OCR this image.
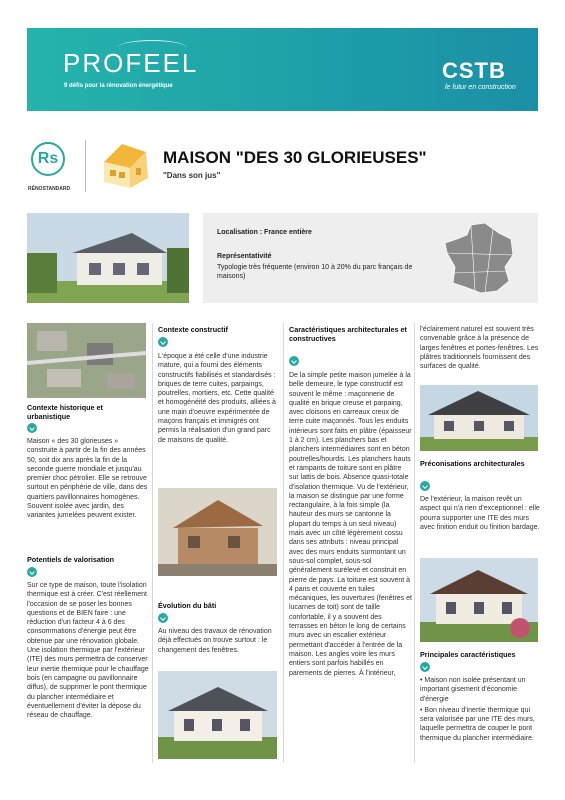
PROFEEL
9 défis pour la rénovation énergétique
CSTB
le futur en construction
Rs
RÉNOSTANDARD
MAISON "DES 30 GLORIEUSES"
"Dans son jus"
Localisation : France entière
Représentativité
Typologie très fréquente (environ 10 à 20% du parc français de maisons)
Contexte historique et urbanistique
Maison « des 30 glorieuses » construite à partir de la fin des années 50, soit dix ans après la fin de la seconde guerre mondiale et jusqu'au premier choc pétrolier. Elle se retrouve surtout en périphérie de ville, dans des quartiers pavillonnaires homogènes. Souvent isolée avec jardin, des variantes jumelées peuvent exister.
Potentiels de valorisation
Sur ce type de maison, toute l'isolation thermique est à créer. C'est réellement l'occasion de se poser les bonnes questions et de BIEN faire : une réduction d'un facteur 4 à 6 des consommations d'énergie peut être obtenue par une rénovation globale. Une isolation thermique par l'extérieur (ITE) des murs permettra de conserver leur inertie thermique pour le chauffage bois (en campagne ou pavillonnaire diffus), de supprimer le pont thermique du plancher intermédiaire et éventuellement d'éviter la dépose du réseau de chauffage.
Contexte constructif
L'époque a été celle d'une industrie mature, qui a fourni des éléments constructifs fiabilisés et standardisés : briques de terre cuites, parpaings, poutrelles, mortiers, etc. Cette qualité et homogénéité des produits, alliées à une main d'oeuvre expérimentée de maçons français et immigrés ont permis la réalisation d'un grand parc de maisons de qualité.
Évolution du bâti
Au niveau des travaux de rénovation déjà effectués on trouve surtout : le changement des fenêtres.
Caractéristiques architecturales et constructives
De la simple petite maison jumelée à la belle demeure, le type constructif est souvent le même : maçonnerie de qualité en brique creuse et parpaing, avec cloisons en carreaux creux de terre cuite maçonnés. Tous les enduits intérieurs sont faits en plâtre (épaisseur 1 à 2 cm). Les planchers bas et planchers intermédiaires sont en béton poutrelles/hourdis. Les planchers hauts et rampants de toiture sont en plâtre sur lattis de bois. Absence quasi-totale d'isolation thermique. Vu de l'extérieur, la maison se distingue par une forme rectangulaire, à la fois simple (la hauteur des murs se cantonne la plupart du temps à un seul niveau) mais avec un côté légèrement cossu dans ses attributs : niveau principal avec des murs enduits surmontant un sous-sol complet, sous-sol généralement surélevé et construit en pierre de pays. La toiture est souvent à 4 pans et couverte en tuiles mécaniques, les ouvertures (fenêtres et lucarnes de toit) sont de taille confortable, il y a souvent des terrasses en béton le long de certains murs avec un escalier extérieur permettant d'accéder à l'entrée de la maison. Les angles voire les murs entiers sont parfois habillés en parements de pierres. À l'intérieur,
l'éclairement naturel est souvent très convenable grâce à la présence de larges fenêtres et portes-fenêtres. Les plâtres traditionnels fournissent des surfaces de qualité.
Préconisations architecturales
De l'extérieur, la maison revêt un aspect qui n'a rien d'exceptionnel : elle pourra supporter une ITE des murs avec finition enduit ou finition bardage.
Principales caractéristiques

• Maison non isolée présentant un important gisement d'économie d'énergie

• Bon niveau d'inertie thermique qui sera valorisée par une ITE des murs, laquelle permettra de couper le pont thermique du plancher intermédiaire.
